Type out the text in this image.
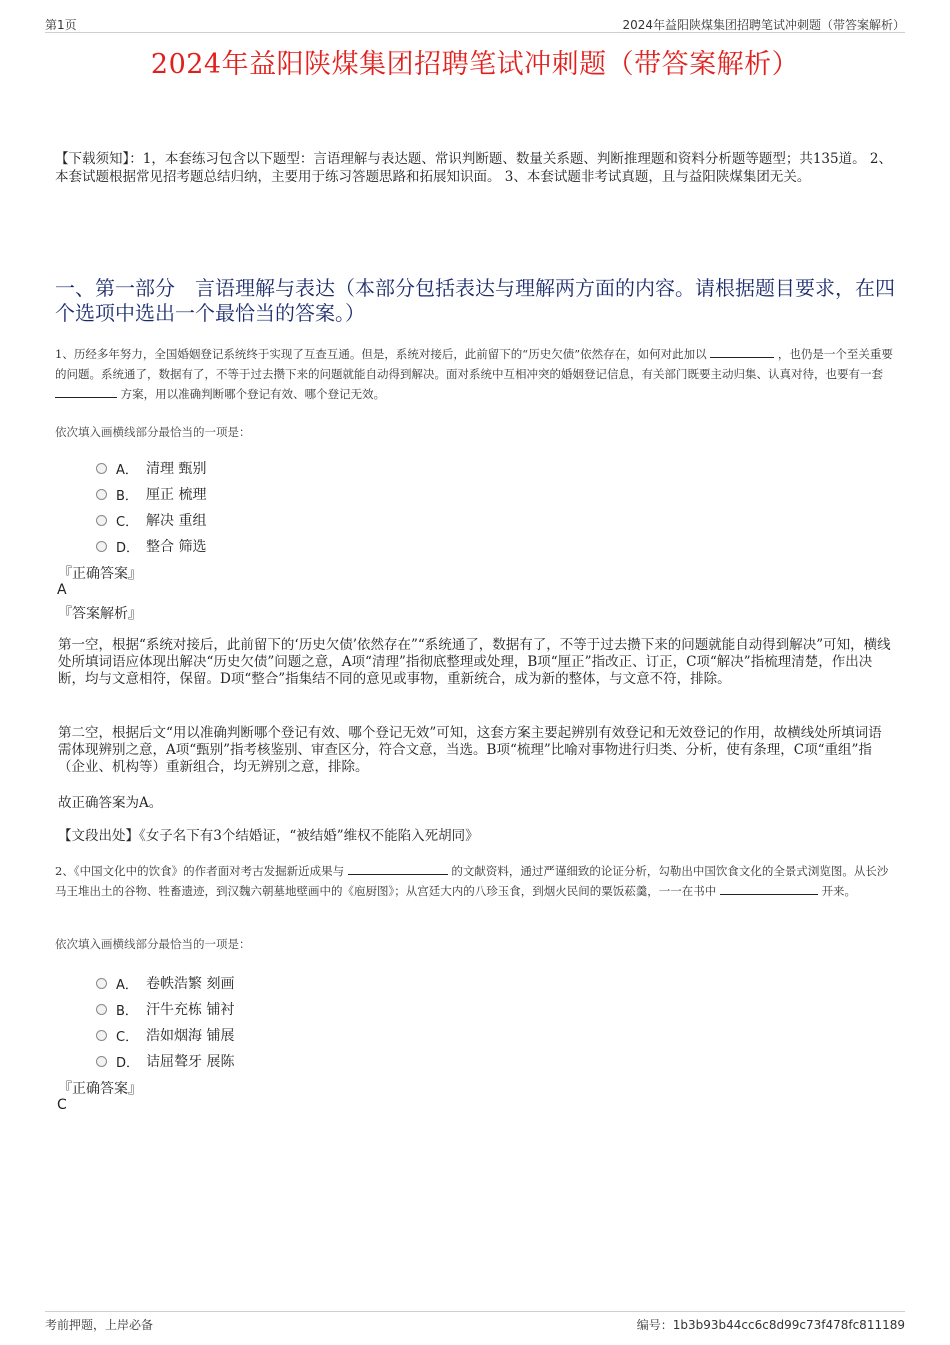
第1页	2024年益阳陕煤集团招聘笔试冲刺题（带答案解析）
2024年益阳陕煤集团招聘笔试冲刺题（带答案解析）
【下载须知】：1，本套练习包含以下题型：言语理解与表达题、常识判断题、数量关系题、判断推理题和资料分析题等题型；共135道。 2、本套试题根据常见招考题总结归纳，主要用于练习答题思路和拓展知识面。 3、本套试题非考试真题，且与益阳陕煤集团无关。
一、第一部分　言语理解与表达（本部分包括表达与理解两方面的内容。请根据题目要求，在四个选项中选出一个最恰当的答案。）
1、历经多年努力，全国婚姻登记系统终于实现了互查互通。但是，系统对接后，此前留下的“历史欠债”依然存在，如何对此加以	，也仍是一个至关重要的问题。系统通了，数据有了，不等于过去攒下来的问题就能自动得到解决。面对系统中互相冲突的婚姻登记信息，有关部门既要主动归集、认真对待，也要有一套  方案，用以准确判断哪个登记有效、哪个登记无效。
依次填入画横线部分最恰当的一项是：
A． 清理 甄别
B． 厘正 梳理
C． 解决 重组
D． 整合 筛选
『正确答案』
A
『答案解析』

第一空，根据“系统对接后，此前留下的‘历史欠债’依然存在”“系统通了，数据有了，不等于过去攒下来的问题就能自动得到解决”可知，横线处所填词语应体现出解决“历史欠债”问题之意，A项“清理”指彻底整理或处理，B项“厘正”指改正、订正，C项“解决”指梳理清楚，作出决断，均与文意相符，保留。D项“整合”指集结不同的意见或事物，重新统合，成为新的整体，与文意不符，排除。

第二空，根据后文“用以准确判断哪个登记有效、哪个登记无效”可知，这套方案主要起辨别有效登记和无效登记的作用，故横线处所填词语需体现辨别之意，A项“甄别”指考核鉴别、审查区分，符合文意，当选。B项“梳理”比喻对事物进行归类、分析，使有条理，C项“重组”指（企业、机构等）重新组合，均无辨别之意，排除。

故正确答案为A。

【文段出处】《女子名下有3个结婚证，“被结婚”维权不能陷入死胡同》

2、《中国文化中的饮食》的作者面对考古发掘新近成果与	的文献资料，通过严谨细致的论证分析，勾勒出中国饮食文化的全景式浏览图。从长沙马王堆出土的谷物、牲畜遗迹，到汉魏六朝墓地壁画中的《庖厨图》；从宫廷大内的八珍玉食，到烟火民间的粟饭菘羹，一一在书中	开来。
依次填入画横线部分最恰当的一项是：
A． 卷帙浩繁 刻画
B． 汗牛充栋 铺衬
C． 浩如烟海 铺展
D． 诘屈聱牙 展陈
『正确答案』
C
考前押题，上岸必备	编号：1b3b93b44cc6c8d99c73f478fc811189
